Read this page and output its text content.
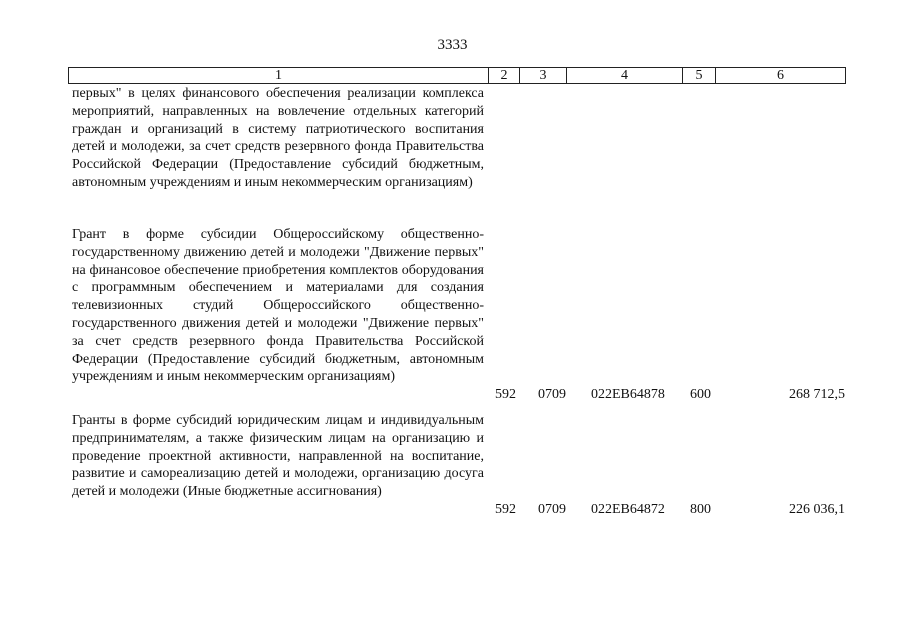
3333
1	2	3	4	5	6

первых" в целях финансового обеспечения реализации комплекса мероприятий, направленных на вовлечение отдельных категорий граждан и организаций в систему патриотического воспитания детей и молодежи, за счет средств резервного фонда Правительства Российской Федерации (Предоставление субсидий бюджетным, автономным учреждениям и иным некоммерческим организациям)

Грант в форме субсидии Общероссийскому общественно-государственному движению детей и молодежи "Движение первых" на финансовое обеспечение приобретения комплектов оборудования с программным обеспечением и материалами для создания телевизионных студий Общероссийского общественно-государственного движения детей и молодежи "Движение первых" за счет средств резервного фонда Правительства Российской Федерации (Предоставление субсидий бюджетным, автономным учреждениям и иным некоммерческим организациям)

592 0709 022EB64878 600	268 712,5

Гранты в форме субсидий юридическим лицам и индивидуальным предпринимателям, а также физическим лицам на организацию и проведение проектной активности, направленной на воспитание, развитие и самореализацию детей и молодежи, организацию досуга детей и молодежи (Иные бюджетные ассигнования)

592 0709 022EB64872 800	226 036,1
